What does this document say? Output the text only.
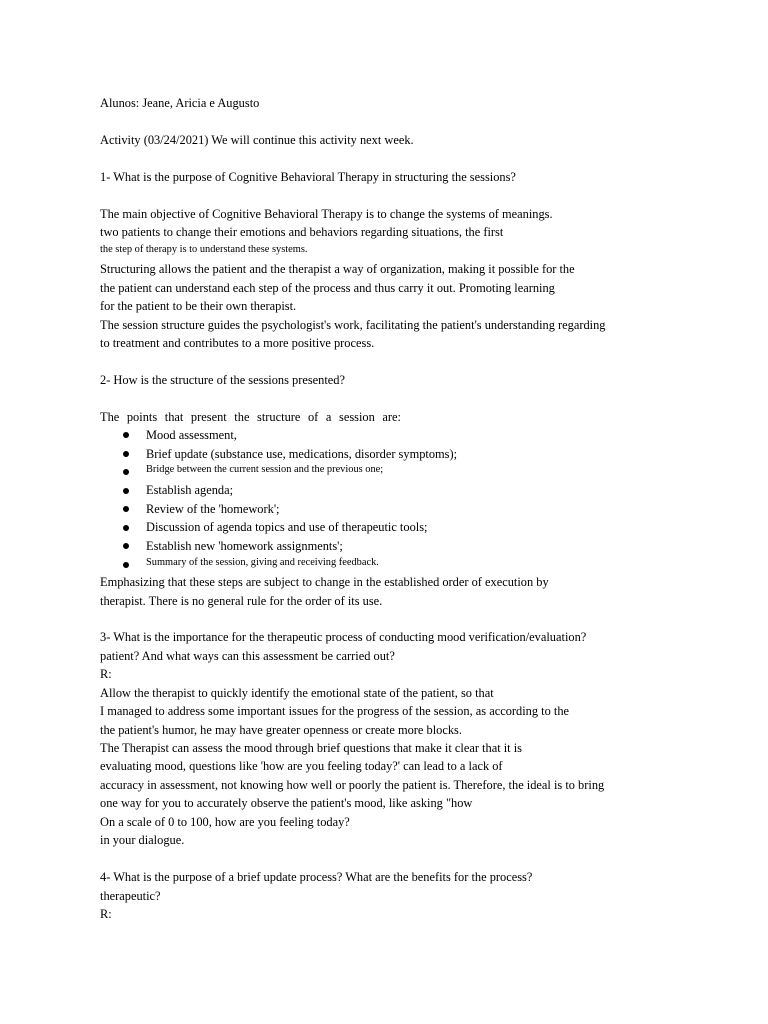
Alunos: Jeane, Aricia e Augusto
Activity (03/24/2021) We will continue this activity next week.
1- What is the purpose of Cognitive Behavioral Therapy in structuring the sessions?
The main objective of Cognitive Behavioral Therapy is to change the systems of meanings.
two patients to change their emotions and behaviors regarding situations, the first
the step of therapy is to understand these systems.
Structuring allows the patient and the therapist a way of organization, making it possible for the
the patient can understand each step of the process and thus carry it out. Promoting learning
for the patient to be their own therapist.
The session structure guides the psychologist's work, facilitating the patient's understanding regarding
to treatment and contributes to a more positive process.
2- How is the structure of the sessions presented?
The points that present the structure of a session are:
Mood assessment,
Brief update (substance use, medications, disorder symptoms);
Bridge between the current session and the previous one;
Establish agenda;
Review of the 'homework';
Discussion of agenda topics and use of therapeutic tools;
Establish new 'homework assignments';
Summary of the session, giving and receiving feedback.
Emphasizing that these steps are subject to change in the established order of execution by
therapist. There is no general rule for the order of its use.
3- What is the importance for the therapeutic process of conducting mood verification/evaluation?
patient? And what ways can this assessment be carried out?
R:
Allow the therapist to quickly identify the emotional state of the patient, so that
I managed to address some important issues for the progress of the session, as according to the
the patient's humor, he may have greater openness or create more blocks.
The Therapist can assess the mood through brief questions that make it clear that it is
evaluating mood, questions like 'how are you feeling today?' can lead to a lack of
accuracy in assessment, not knowing how well or poorly the patient is. Therefore, the ideal is to bring
one way for you to accurately observe the patient's mood, like asking "how
On a scale of 0 to 100, how are you feeling today?
in your dialogue.
4- What is the purpose of a brief update process? What are the benefits for the process?
therapeutic?
R:
